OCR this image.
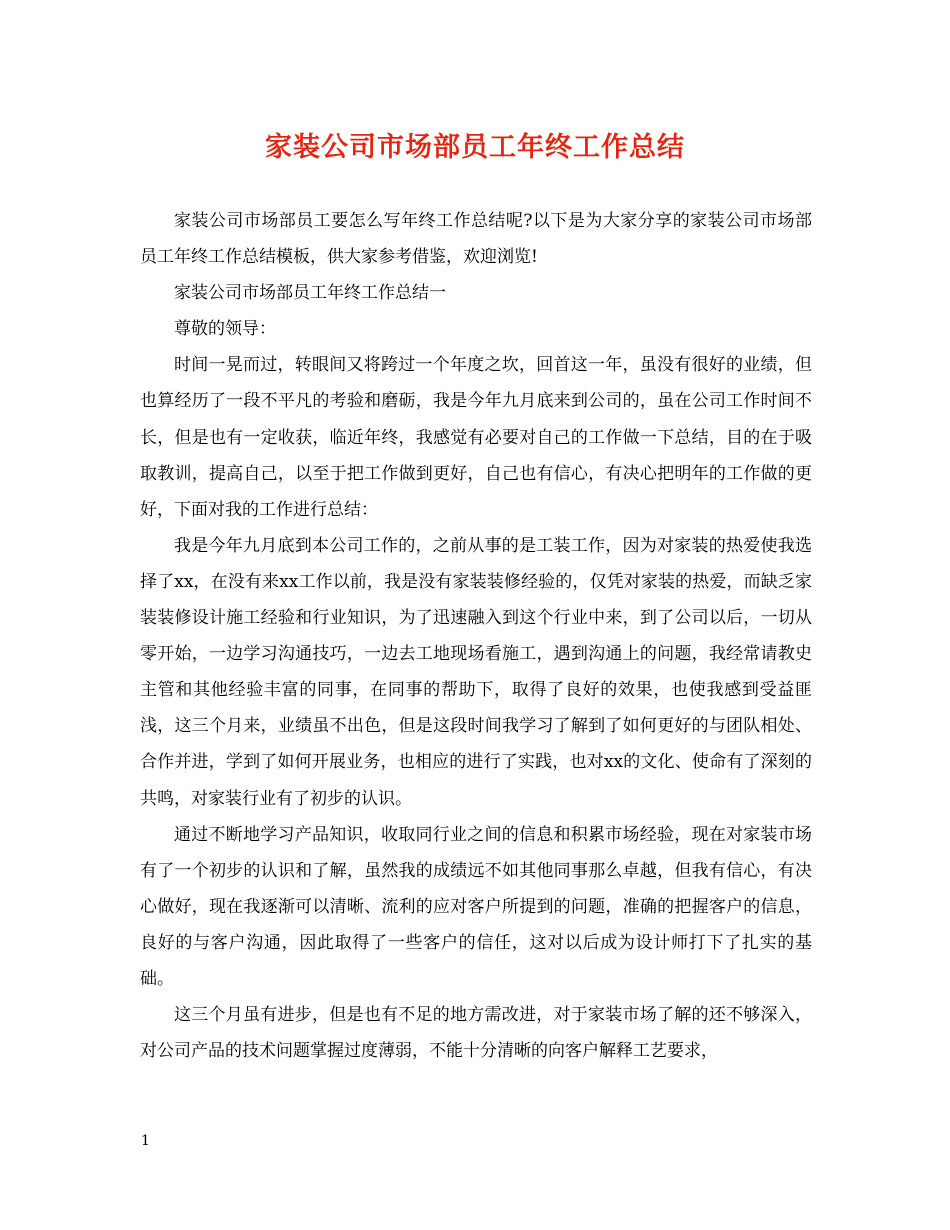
家装公司市场部员工年终工作总结

家装公司市场部员工要怎么写年终工作总结呢?以下是为大家分享的家装公司市场部员工年终工作总结模板，供大家参考借鉴，欢迎浏览!

家装公司市场部员工年终工作总结一

尊敬的领导：

时间一晃而过，转眼间又将跨过一个年度之坎，回首这一年，虽没有很好的业绩，但也算经历了一段不平凡的考验和磨砺，我是今年九月底来到公司的，虽在公司工作时间不长，但是也有一定收获，临近年终，我感觉有必要对自己的工作做一下总结，目的在于吸取教训，提高自己，以至于把工作做到更好，自己也有信心，有决心把明年的工作做的更好，下面对我的工作进行总结：

我是今年九月底到本公司工作的，之前从事的是工装工作，因为对家装的热爱使我选择了xx，在没有来xx工作以前，我是没有家装装修经验的，仅凭对家装的热爱，而缺乏家装装修设计施工经验和行业知识，为了迅速融入到这个行业中来，到了公司以后，一切从零开始，一边学习沟通技巧，一边去工地现场看施工，遇到沟通上的问题，我经常请教史主管和其他经验丰富的同事，在同事的帮助下，取得了良好的效果，也使我感到受益匪浅，这三个月来，业绩虽不出色，但是这段时间我学习了解到了如何更好的与团队相处、合作并进，学到了如何开展业务，也相应的进行了实践，也对xx的文化、使命有了深刻的共鸣，对家装行业有了初步的认识。

通过不断地学习产品知识，收取同行业之间的信息和积累市场经验，现在对家装市场有了一个初步的认识和了解，虽然我的成绩远不如其他同事那么卓越，但我有信心，有决心做好，现在我逐渐可以清晰、流利的应对客户所提到的问题，准确的把握客户的信息，良好的与客户沟通，因此取得了一些客户的信任，这对以后成为设计师打下了扎实的基础。

这三个月虽有进步，但是也有不足的地方需改进，对于家装市场了解的还不够深入，对公司产品的技术问题掌握过度薄弱，不能十分清晰的向客户解释工艺要求，

1
